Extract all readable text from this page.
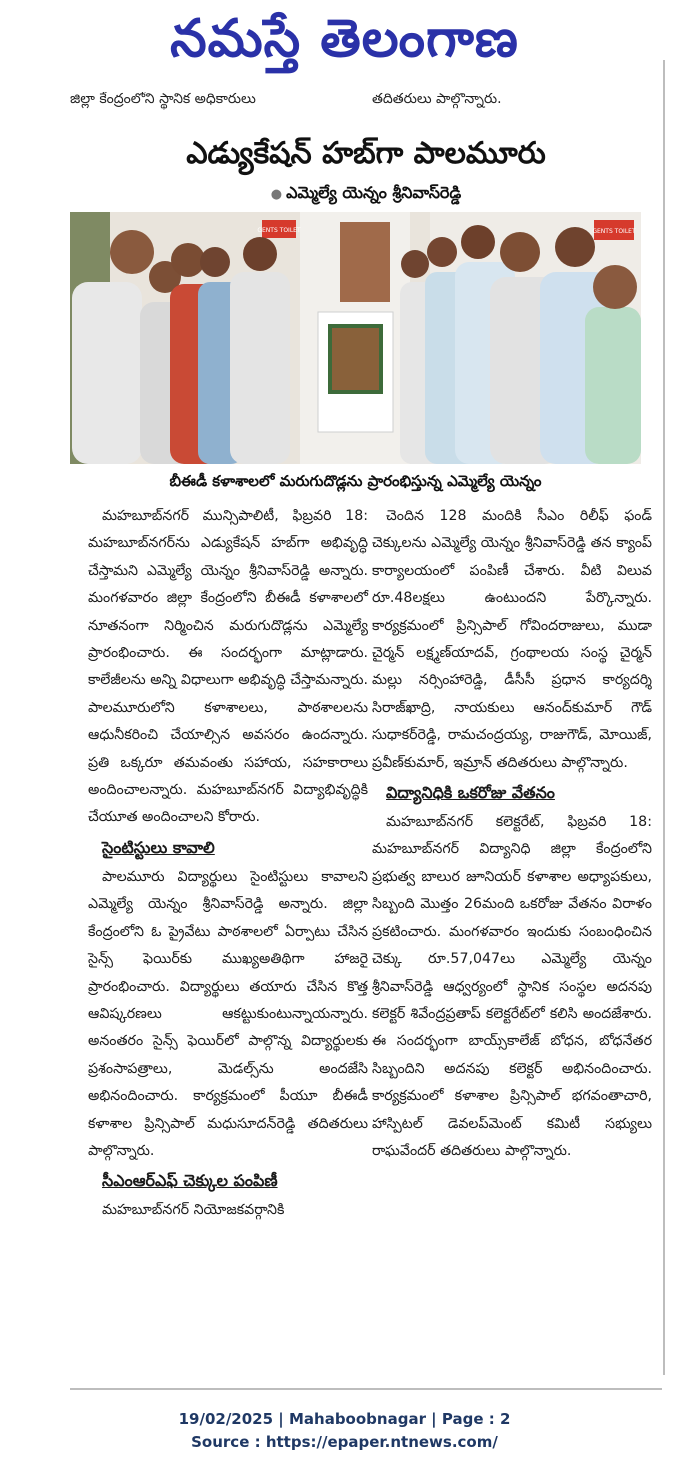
నమస్తే తెలంగాణ
జిల్లా కేంద్రంలోని స్థానిక అధికారులు	తదితరులు పాల్గొన్నారు.
ఎడ్యుకేషన్‌ హబ్‌గా పాలమూరు
● ఎమ్మెల్యే యెన్నం శ్రీనివాస్‌రెడ్డి
GENTS TOILET	GENTS TOILET
బీఈడీ కళాశాలలో మరుగుదొడ్లను ప్రారంభిస్తున్న ఎమ్మెల్యే యెన్నం

మహబూబ్‌నగర్‌ మున్సిపాలిటీ, ఫిబ్రవరి 18: మహబూబ్‌నగర్‌ను ఎడ్యుకేషన్‌ హబ్‌గా అభివృద్ధి చేస్తామని ఎమ్మెల్యే యెన్నం శ్రీనివాస్‌రెడ్డి అన్నారు. మంగళవారం జిల్లా కేంద్రంలోని బీఈడీ కళాశాలలో నూతనంగా నిర్మించిన మరుగుదొడ్లను ఎమ్మెల్యే ప్రారంభించారు. ఈ సందర్భంగా మాట్లాడారు. కాలేజీలను అన్ని విధాలుగా అభివృద్ధి చేస్తామన్నారు. పాలమూరులోని కళాశాలలు, పాఠశాలలను ఆధునీకరించి చేయాల్సిన అవసరం ఉందన్నారు. ప్రతి ఒక్కరూ తమవంతు సహాయ, సహకారాలు అందించాలన్నారు. మహబూబ్‌నగర్‌ విద్యాభివృద్ధికి చేయూత అందించాలని కోరారు.

సైంటిస్టులు కావాలి

పాలమూరు విద్యార్థులు సైంటిస్టులు కావాలని ఎమ్మెల్యే యెన్నం శ్రీనివాస్‌రెడ్డి అన్నారు. జిల్లా కేంద్రంలోని ఓ ప్రైవేటు పాఠశాలలో ఏర్పాటు చేసిన సైన్స్‌ ఫెయిర్‌కు ముఖ్యఅతిథిగా హాజరై ప్రారంభించారు. విద్యార్థులు తయారు చేసిన కొత్త ఆవిష్కరణలు ఆకట్టుకుంటున్నాయన్నారు. అనంతరం సైన్స్‌ ఫెయిర్‌లో పాల్గొన్న విద్యార్థులకు ప్రశంసాపత్రాలు, మెడల్స్‌ను అందజేసి అభినందించారు. కార్యక్రమంలో పీయూ బీఈడీ కళాశాల ప్రిన్సిపాల్‌ మధుసూదన్‌రెడ్డి తదితరులు పాల్గొన్నారు.

సీఎంఆర్‌ఎఫ్‌ చెక్కుల పంపిణీ

మహబూబ్‌నగర్‌ నియోజకవర్గానికి

చెందిన 128 మందికి సీఎం రిలీఫ్‌ ఫండ్‌ చెక్కులను ఎమ్మెల్యే యెన్నం శ్రీనివాస్‌రెడ్డి తన క్యాంప్‌ కార్యాలయంలో పంపిణీ చేశారు. వీటి విలువ రూ.48లక్షలు ఉంటుందని పేర్కొన్నారు. కార్యక్రమంలో ప్రిన్సిపాల్‌ గోవిందరాజులు, ముడా చైర్మన్‌ లక్ష్మణ్‌యాదవ్‌, గ్రంథాలయ సంస్థ చైర్మన్‌ మల్లు నర్సింహారెడ్డి, డీసీసీ ప్రధాన కార్యదర్శి సిరాజ్‌ఖాద్రి, నాయకులు ఆనంద్‌కుమార్‌ గౌడ్‌ సుధాకర్‌రెడ్డి, రామచంద్రయ్య, రాజుగౌడ్‌, మోయిజ్‌, ప్రవీణ్‌కుమార్‌, ఇమ్రాన్‌ తదితరులు పాల్గొన్నారు.

విద్యానిధికి ఒకరోజు వేతనం

మహబూబ్‌నగర్‌ కలెక్టరేట్‌, ఫిబ్రవరి 18: మహబూబ్‌నగర్‌ విద్యానిధి జిల్లా కేంద్రంలోని ప్రభుత్వ బాలుర జూనియర్‌ కళాశాల అధ్యాపకులు, సిబ్బంది మొత్తం 26మంది ఒకరోజు వేతనం విరాళం ప్రకటించారు. మంగళవారం ఇందుకు సంబంధించిన చెక్కు రూ.57,047లు ఎమ్మెల్యే యెన్నం శ్రీనివాస్‌రెడ్డి ఆధ్వర్యంలో స్థానిక సంస్థల అదనపు కలెక్టర్‌ శివేంద్రప్రతాప్‌ కలెక్టరేట్‌లో కలిసి అందజేశారు. ఈ సందర్భంగా బాయ్స్‌కాలేజ్‌ బోధన, బోధనేతర సిబ్బందిని అదనపు కలెక్టర్‌ అభినందించారు. కార్యక్రమంలో కళాశాల ప్రిన్సిపాల్‌ భగవంతాచారి, హాస్పిటల్‌ డెవలప్‌మెంట్‌ కమిటీ సభ్యులు రాఘవేందర్‌ తదితరులు పాల్గొన్నారు.

19/02/2025 | Mahaboobnagar | Page : 2
Source : https://epaper.ntnews.com/
